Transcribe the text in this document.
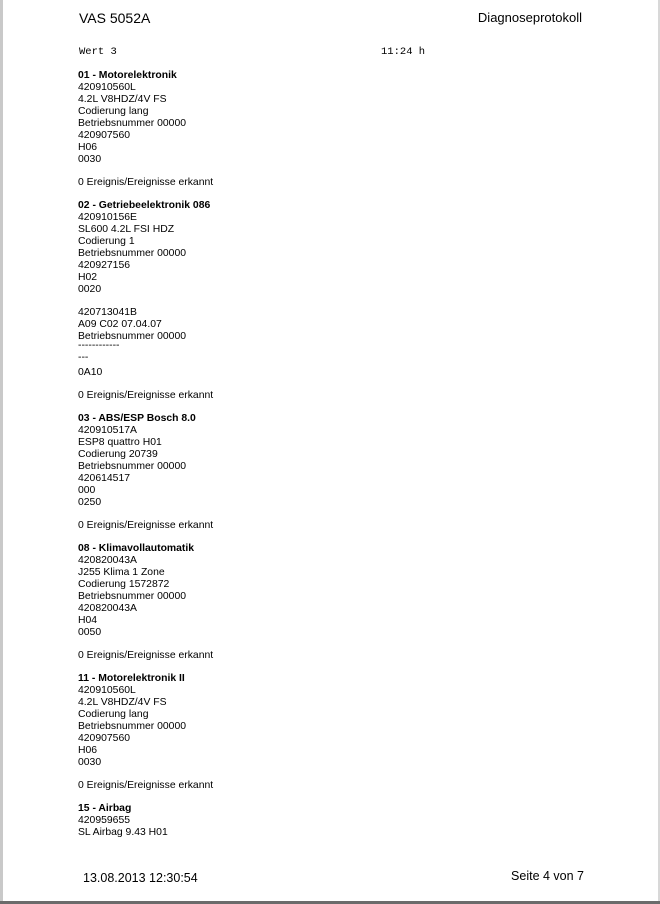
VAS 5052A	Diagnoseprotokoll
Wert 3	11:24 h
01 - Motorelektronik
420910560L
4.2L V8HDZ/4V FS
Codierung lang
Betriebsnummer 00000
420907560
H06
0030
0 Ereignis/Ereignisse erkannt
02 - Getriebeelektronik 086
420910156E
SL600 4.2L FSI HDZ
Codierung 1
Betriebsnummer 00000
420927156
H02
0020
420713041B
A09 C02 07.04.07
Betriebsnummer 00000
------------
---
0A10
0 Ereignis/Ereignisse erkannt
03 - ABS/ESP Bosch 8.0
420910517A
ESP8 quattro H01
Codierung 20739
Betriebsnummer 00000
420614517
000
0250
0 Ereignis/Ereignisse erkannt
08 - Klimavollautomatik
420820043A
J255 Klima 1 Zone
Codierung 1572872
Betriebsnummer 00000
420820043A
H04
0050
0 Ereignis/Ereignisse erkannt
11 - Motorelektronik II
420910560L
4.2L V8HDZ/4V FS
Codierung lang
Betriebsnummer 00000
420907560
H06
0030
0 Ereignis/Ereignisse erkannt
15 - Airbag
420959655
SL Airbag 9.43 H01
13.08.2013 12:30:54	Seite 4 von 7
